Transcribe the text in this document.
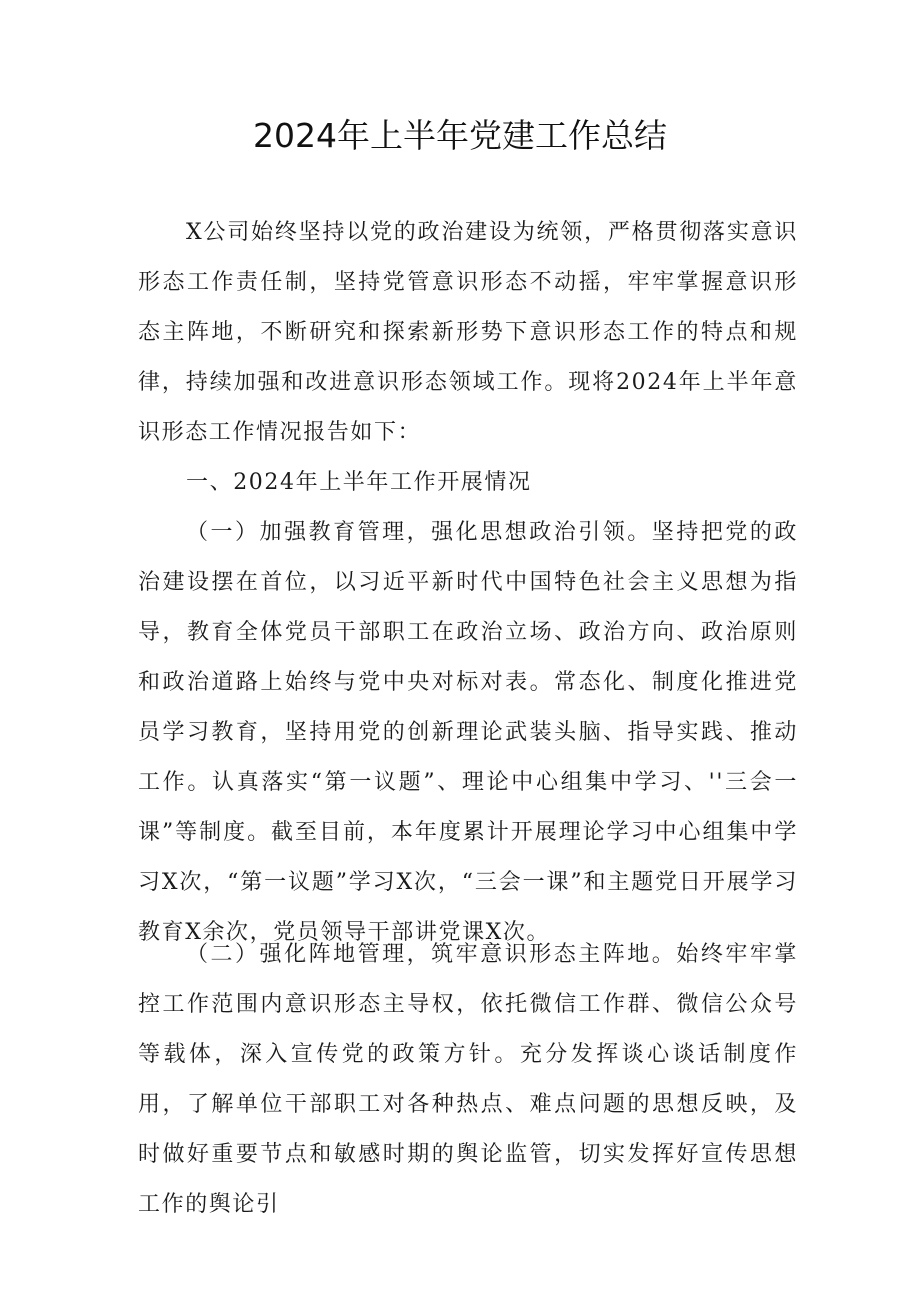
2024年上半年党建工作总结

X公司始终坚持以党的政治建设为统领，严格贯彻落实意识形态工作责任制，坚持党管意识形态不动摇，牢牢掌握意识形态主阵地，不断研究和探索新形势下意识形态工作的特点和规律，持续加强和改进意识形态领域工作。现将2024年上半年意识形态工作情况报告如下：

一、2024年上半年工作开展情况

（一）加强教育管理，强化思想政治引领。坚持把党的政治建设摆在首位，以习近平新时代中国特色社会主义思想为指导，教育全体党员干部职工在政治立场、政治方向、政治原则和政治道路上始终与党中央对标对表。常态化、制度化推进党员学习教育，坚持用党的创新理论武装头脑、指导实践、推动工作。认真落实“第一议题”、理论中心组集中学习、''三会一课”等制度。截至目前，本年度累计开展理论学习中心组集中学习X次，“第一议题”学习X次，“三会一课”和主题党日开展学习教育X余次，党员领导干部讲党课X次。

（二）强化阵地管理，筑牢意识形态主阵地。始终牢牢掌控工作范围内意识形态主导权，依托微信工作群、微信公众号等载体，深入宣传党的政策方针。充分发挥谈心谈话制度作用，了解单位干部职工对各种热点、难点问题的思想反映，及时做好重要节点和敏感时期的舆论监管，切实发挥好宣传思想工作的舆论引
